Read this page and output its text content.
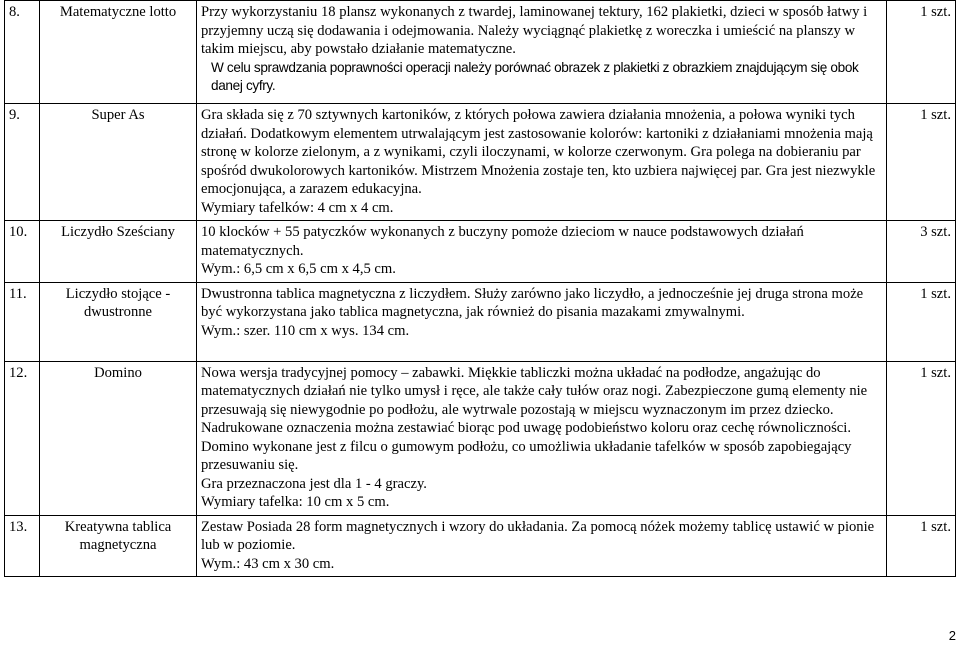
8.	Matematyczne lotto	Przy wykorzystaniu 18 plansz wykonanych z twardej, laminowanej tektury, 162 plakietki, dzieci w sposób łatwy i przyjemny uczą się dodawania i odejmowania. Należy wyciągnąć plakietkę z woreczka i umieścić na planszy w takim miejscu, aby powstało działanie matematyczne.

W celu sprawdzania poprawności operacji należy porównać obrazek z plakietki z obrazkiem znajdującym się obok danej cyfry.	1 szt.
9.	Super As	Gra składa się z 70 sztywnych kartoników, z których połowa zawiera działania mnożenia, a połowa wyniki tych działań. Dodatkowym elementem utrwalającym jest zastosowanie kolorów: kartoniki z działaniami mnożenia mają stronę w kolorze zielonym, a z wynikami, czyli iloczynami, w kolorze czerwonym. Gra polega na dobieraniu par spośród dwukolorowych kartoników. Mistrzem Mnożenia zostaje ten, kto uzbiera najwięcej par. Gra jest niezwykle emocjonująca, a zarazem edukacyjna.

Wymiary tafelków: 4 cm x 4 cm.	1 szt.
10.	Liczydło Sześciany	10 klocków + 55 patyczków wykonanych z buczyny pomoże dzieciom w nauce podstawowych działań matematycznych.

Wym.: 6,5 cm x 6,5 cm x 4,5 cm.	3 szt.
11.	Liczydło stojące - dwustronne	Dwustronna tablica magnetyczna z liczydłem. Służy zarówno jako liczydło, a jednocześnie jej druga strona może być wykorzystana jako tablica magnetyczna, jak również do pisania mazakami zmywalnymi.

Wym.: szer. 110 cm x wys. 134 cm.	1 szt.
12.	Domino	Nowa wersja tradycyjnej pomocy – zabawki. Miękkie tabliczki można układać na podłodze, angażując do matematycznych działań nie tylko umysł i ręce, ale także cały tułów oraz nogi. Zabezpieczone gumą elementy nie przesuwają się niewygodnie po podłożu, ale wytrwale pozostają w miejscu wyznaczonym im przez dziecko. Nadrukowane oznaczenia można zestawiać biorąc pod uwagę podobieństwo koloru oraz cechę równoliczności. Domino wykonane jest z filcu o gumowym podłożu, co umożliwia układanie tafelków w sposób zapobiegający przesuwaniu się.

Gra przeznaczona jest dla 1 - 4 graczy.

Wymiary tafelka: 10 cm x 5 cm.	1 szt.
13.	Kreatywna tablica magnetyczna	Zestaw Posiada 28 form magnetycznych i wzory do układania. Za pomocą nóżek możemy tablicę ustawić w pionie lub w poziomie.

Wym.: 43 cm x 30 cm.	1 szt.
2
